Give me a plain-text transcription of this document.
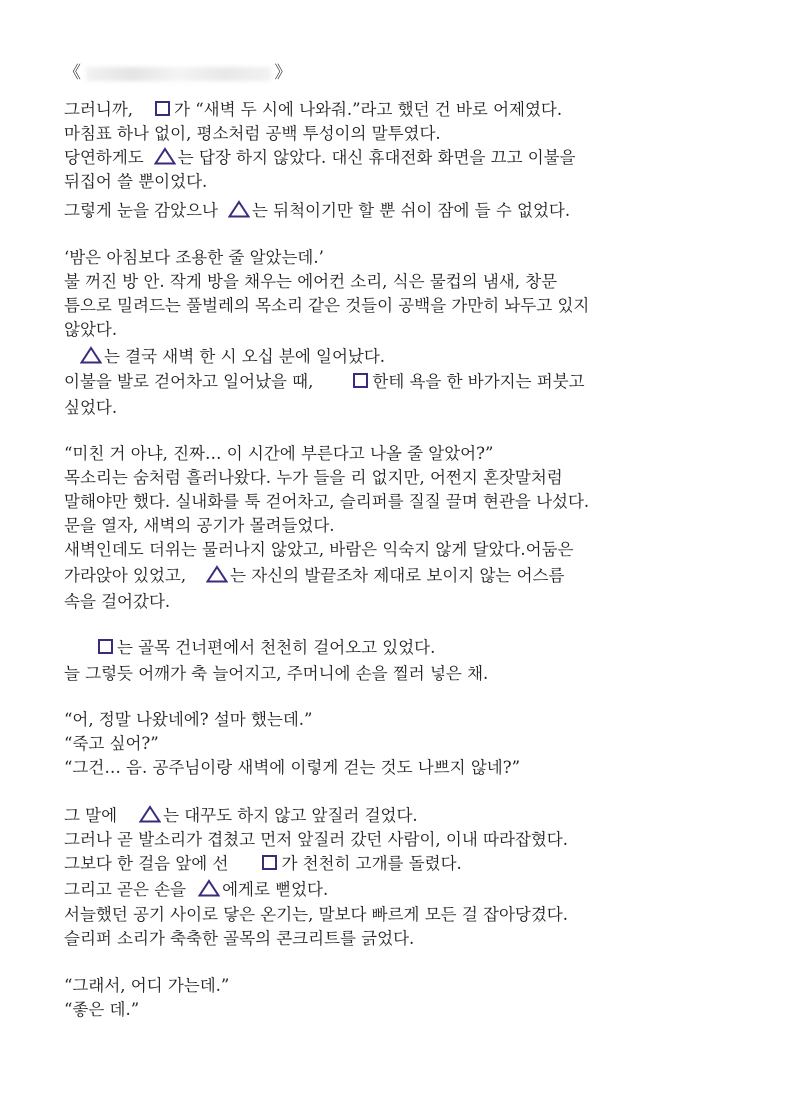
《	》
그러니까, 가 “새벽 두 시에 나와줘.”라고 했던 건 바로 어제였다.
마침표 하나 없이, 평소처럼 공백 투성이의 말투였다.
당연하게도 는 답장 하지 않았다. 대신 휴대전화 화면을 끄고 이불을
뒤집어 쓸 뿐이었다.
그렇게 눈을 감았으나 는 뒤척이기만 할 뿐 쉬이 잠에 들 수 없었다.
‘밤은 아침보다 조용한 줄 알았는데.’
불 꺼진 방 안. 작게 방을 채우는 에어컨 소리, 식은 물컵의 냄새, 창문
틈으로 밀려드는 풀벌레의 목소리 같은 것들이 공백을 가만히 놔두고 있지
않았다.
는 결국 새벽 한 시 오십 분에 일어났다.
이불을 발로 걷어차고 일어났을 때,	한테 욕을 한 바가지는 퍼붓고
싶었다.
“미친 거 아냐, 진짜… 이 시간에 부른다고 나올 줄 알았어?”
목소리는 숨처럼 흘러나왔다. 누가 들을 리 없지만, 어쩐지 혼잣말처럼
말해야만 했다. 실내화를 툭 걷어차고, 슬리퍼를 질질 끌며 현관을 나섰다.
문을 열자, 새벽의 공기가 몰려들었다.
새벽인데도 더위는 물러나지 않았고, 바람은 익숙지 않게 달았다.어둠은
가라앉아 있었고,	는 자신의 발끝조차 제대로 보이지 않는 어스름
속을 걸어갔다.
는 골목 건너편에서 천천히 걸어오고 있었다.
늘 그렇듯 어깨가 축 늘어지고, 주머니에 손을 찔러 넣은 채.
“어, 정말 나왔네에? 설마 했는데.”
“죽고 싶어?”
“그건… 음. 공주님이랑 새벽에 이렇게 걷는 것도 나쁘지 않네?”
그 말에	는 대꾸도 하지 않고 앞질러 걸었다.
그러나 곧 발소리가 겹쳤고 먼저 앞질러 갔던 사람이, 이내 따라잡혔다.
그보다 한 걸음 앞에 선	가 천천히 고개를 돌렸다.
그리고 곧은 손을 에게로 뻗었다.
서늘했던 공기 사이로 닿은 온기는, 말보다 빠르게 모든 걸 잡아당겼다.
슬리퍼 소리가 축축한 골목의 콘크리트를 긁었다.
“그래서, 어디 가는데.”
“좋은 데.”
